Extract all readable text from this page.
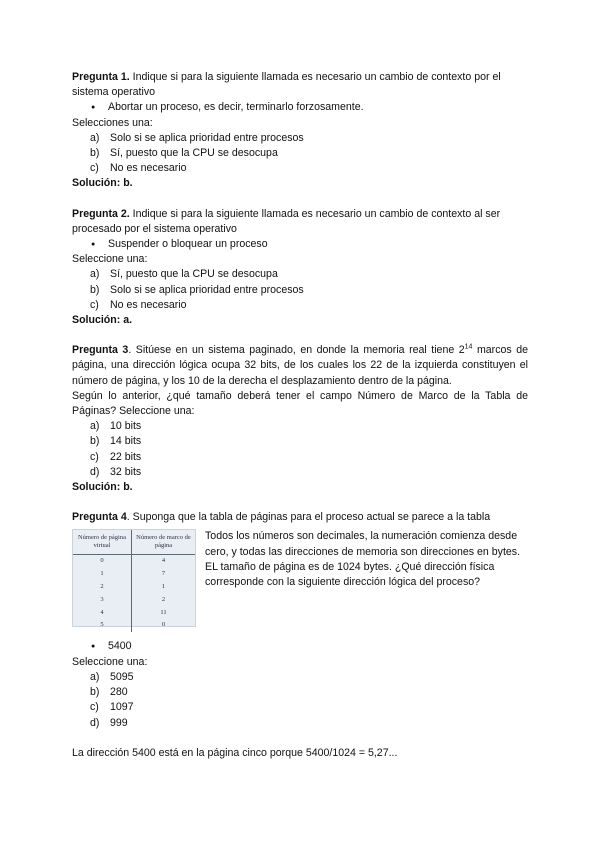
Pregunta 1. Indique si para la siguiente llamada es necesario un cambio de contexto por el sistema operativo

● Abortar un proceso, es decir, terminarlo forzosamente.

Selecciones una:

a) Solo si se aplica prioridad entre procesos
b) Sí, puesto que la CPU se desocupa
c)	No es necesario

Solución: b.

Pregunta 2. Indique si para la siguiente llamada es necesario un cambio de contexto al ser procesado por el sistema operativo

● Suspender o bloquear un proceso

Seleccione una:

a) Sí, puesto que la CPU se desocupa
b) Solo si se aplica prioridad entre procesos
c)	No es necesario

Solución: a.

Pregunta 3. Sitúese en un sistema paginado, en donde la memoria real tiene $2^{14}$ marcos de página, una dirección lógica ocupa 32 bits, de los cuales los 22 de la izquierda constituyen el número de página, y los 10 de la derecha el desplazamiento dentro de la página.

Según lo anterior, ¿qué tamaño deberá tener el campo Número de Marco de la Tabla de Páginas? Seleccione una:

a) 10 bits
b) 14 bits
c)	22 bits
d) 32 bits

Solución: b.

Pregunta 4. Suponga que la tabla de páginas para el proceso actual se parece a la tabla

Número de página virtual	Número de marco de página
0	4
1	7
2	1
3	2
4	11
5	0
Todos los números son decimales, la numeración comienza desde cero, y todas las direcciones de memoria son direcciones en bytes. EL tamaño de página es de 1024 bytes. ¿Qué dirección física corresponde con la siguiente dirección lógica del proceso?
● 5400

Seleccione una:

a) 5095
b) 280
c)	1097
d) 999

La dirección 5400 está en la página cinco porque 5400/1024 = 5,27...
